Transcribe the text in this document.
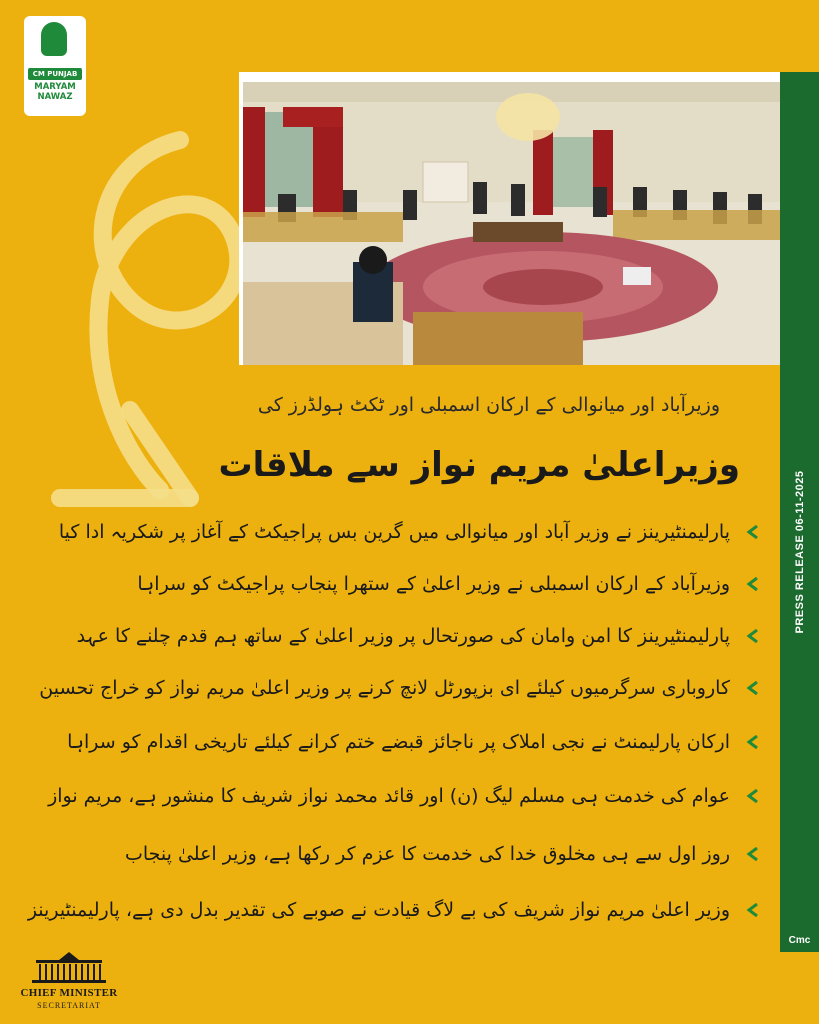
CM PUNJAB
MARYAM
NAWAZ
PRESS RELEASE 06-11-2025
Cmc
وزیرآباد اور میانوالی کے ارکان اسمبلی اور ٹکٹ ہولڈرز کی
وزیراعلیٰ مریم نواز سے ملاقات
پارلیمنٹیرینز نے وزیر آباد اور میانوالی میں گرین بس پراجیکٹ کے آغاز پر شکریہ ادا کیا
وزیرآباد کے ارکان اسمبلی نے وزیر اعلیٰ کے ستھرا پنجاب پراجیکٹ کو سراہا
پارلیمنٹیرینز کا امن وامان کی صورتحال پر وزیر اعلیٰ کے ساتھ ہم قدم چلنے کا عہد
کاروباری سرگرمیوں کیلئے ای بزپورٹل لانچ کرنے پر وزیر اعلیٰ مریم نواز کو خراج تحسین
ارکان پارلیمنٹ نے نجی املاک پر ناجائز قبضے ختم کرانے کیلئے تاریخی اقدام کو سراہا
عوام کی خدمت ہی مسلم لیگ (ن) اور قائد محمد نواز شریف کا منشور ہے، مریم نواز
روز اول سے ہی مخلوق خدا کی خدمت کا عزم کر رکھا ہے، وزیر اعلیٰ پنجاب
وزیر اعلیٰ مریم نواز شریف کی بے لاگ قیادت نے صوبے کی تقدیر بدل دی ہے، پارلیمنٹیرینز
CHIEF MINISTER
SECRETARIAT
